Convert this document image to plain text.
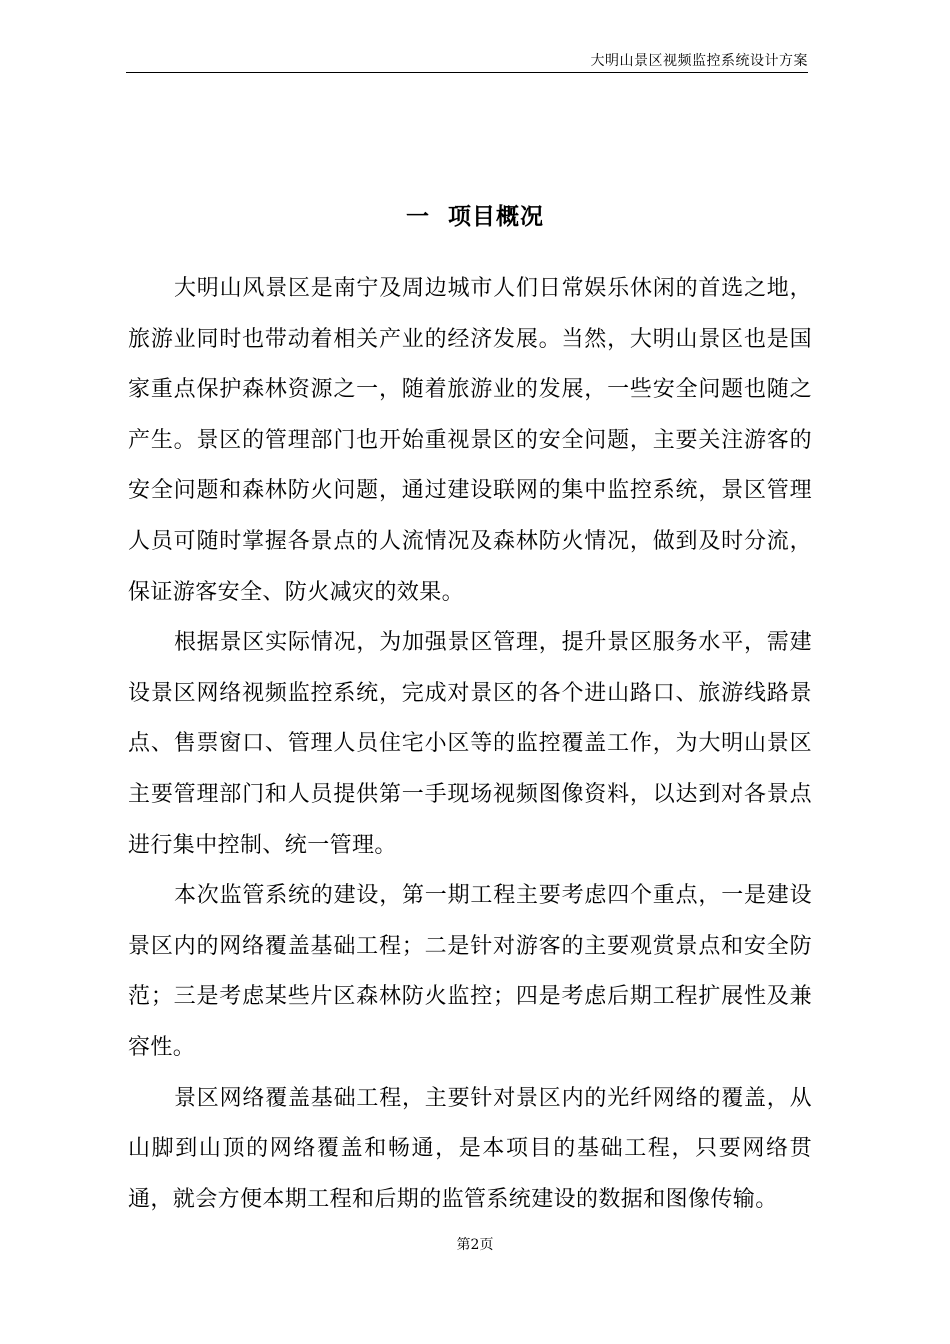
大明山景区视频监控系统设计方案
一  项目概况

大明山风景区是南宁及周边城市人们日常娱乐休闲的首选之地，旅游业同时也带动着相关产业的经济发展。当然，大明山景区也是国家重点保护森林资源之一，随着旅游业的发展，一些安全问题也随之产生。景区的管理部门也开始重视景区的安全问题，主要关注游客的安全问题和森林防火问题，通过建设联网的集中监控系统，景区管理人员可随时掌握各景点的人流情况及森林防火情况，做到及时分流，保证游客安全、防火减灾的效果。

根据景区实际情况，为加强景区管理，提升景区服务水平，需建设景区网络视频监控系统，完成对景区的各个进山路口、旅游线路景点、售票窗口、管理人员住宅小区等的监控覆盖工作，为大明山景区主要管理部门和人员提供第一手现场视频图像资料，以达到对各景点进行集中控制、统一管理。

本次监管系统的建设，第一期工程主要考虑四个重点，一是建设景区内的网络覆盖基础工程；二是针对游客的主要观赏景点和安全防范；三是考虑某些片区森林防火监控；四是考虑后期工程扩展性及兼容性。

景区网络覆盖基础工程，主要针对景区内的光纤网络的覆盖，从山脚到山顶的网络覆盖和畅通，是本项目的基础工程，只要网络贯通，就会方便本期工程和后期的监管系统建设的数据和图像传输。

第2页
